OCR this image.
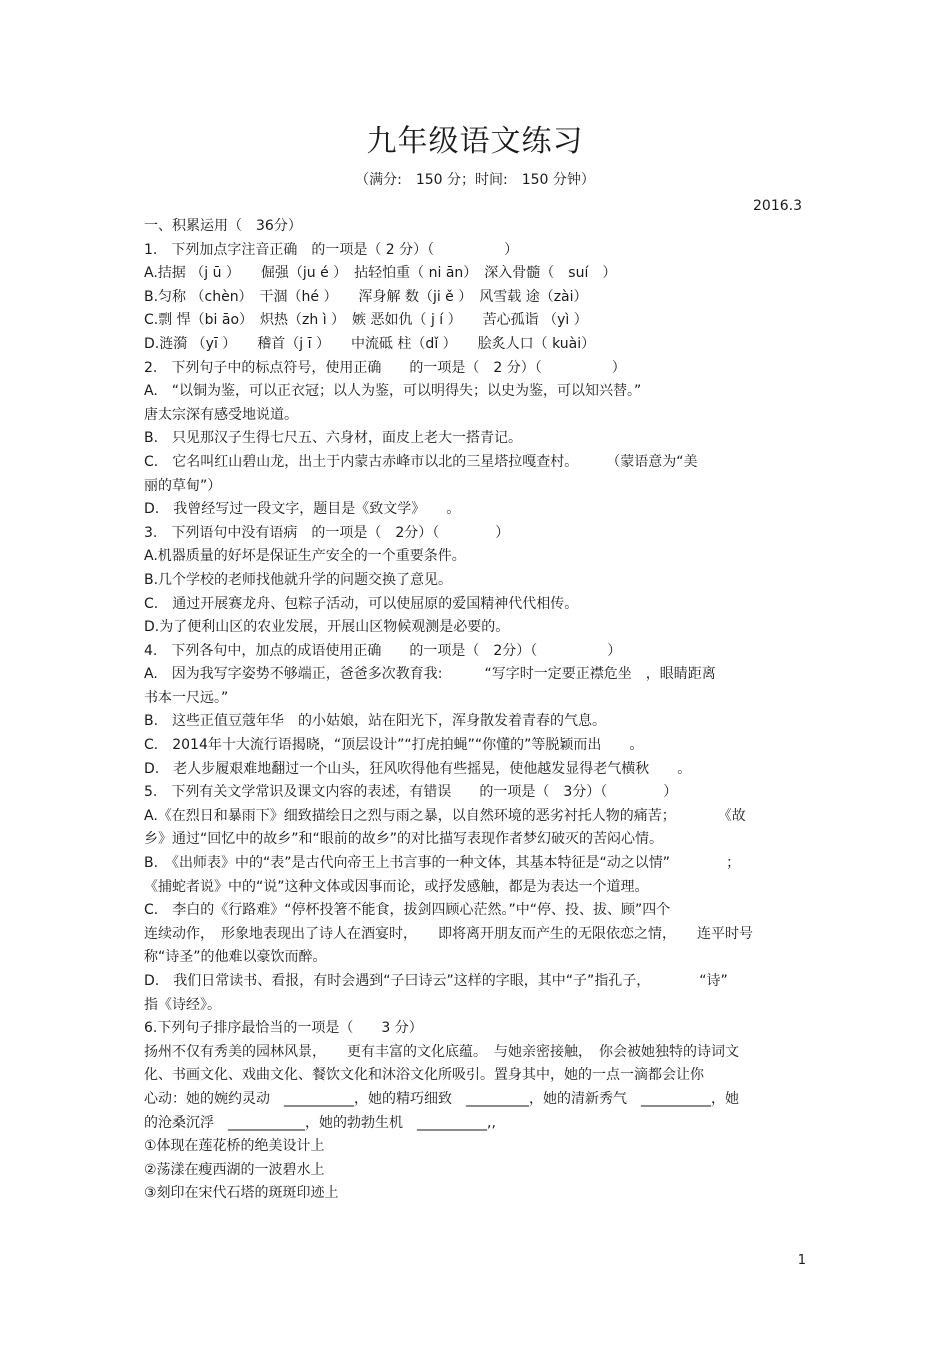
九年级语文练习
（满分:　150 分；时间:　150 分钟）
2016.3
一、积累运用（　36分）
1.　下列加点字注音正确　的一项是（ 2 分）（　　　　　）
A.拮据 （j ū ）　　倔强（ju é ）　拈轻怕重（ ni ān）　深入骨髓（　suí　）
B.匀称 （chèn）　干涸（hé ）　　浑身解 数（ji ě ）　风雪载 途（zài）
C.剽 悍（bi āo）　炽热（zh ì ）　嫉 恶如仇（ j í ）　　苦心孤诣 （yì ）
D.涟漪 （yī ）　　稽首（j ī ）　　中流砥 柱（dǐ ）　　脍炙人口（ kuài）
2.　下列句子中的标点符号，使用正确　　的一项是（　2 分）（　　　　　）
A.　“以铜为鉴，可以正衣冠；以人为鉴，可以明得失；以史为鉴，可以知兴替。”
唐太宗深有感受地说道。
B.　只见那汉子生得七尺五、六身材，面皮上老大一搭青记。
C.　它名叫红山碧山龙，出土于内蒙古赤峰市以北的三星塔拉嘎查村。　　　（蒙语意为“美
丽的草甸”）
D.　我曾经写过一段文字，题目是《致文学》　　。
3.　下列语句中没有语病　的一项是（　2分）（　　　　）
A.机器质量的好坏是保证生产安全的一个重要条件。
B.几个学校的老师找他就升学的问题交换了意见。
C.　通过开展赛龙舟、包粽子活动，可以使屈原的爱国精神代代相传。
D.为了便利山区的农业发展，开展山区物候观测是必要的。
4.　下列各句中，加点的成语使用正确　　的一项是（　2分）（　　　　　）
A.　因为我写字姿势不够端正，爸爸多次教育我:　　　“写字时一定要正襟危坐　，眼睛距离
书本一尺远。”
B.　这些正值豆蔻年华　的小姑娘，站在阳光下，浑身散发着青春的气息。
C.　2014年十大流行语揭晓，“顶层设计”“打虎拍蝇”“你懂的”等脱颖而出　　。
D.　老人步履艰难地翻过一个山头，狂风吹得他有些摇晃，使他越发显得老气横秋　　。
5.　下列有关文学常识及课文内容的表述，有错误　　的一项是（　3分）（　　　　）
A.《在烈日和暴雨下》细致描绘日之烈与雨之暴，以自然环境的恶劣衬托人物的痛苦；　　　　《故
乡》通过“回忆中的故乡”和“眼前的故乡”的对比描写表现作者梦幻破灭的苦闷心情。
B.　《出师表》中的“表”是古代向帝王上书言事的一种文体，其基本特征是“动之以情”　　　　；
《捕蛇者说》中的“说”这种文体或因事而论，或抒发感触，都是为表达一个道理。
C.　李白的《行路难》“停杯投箸不能食，拔剑四顾心茫然。”中“停、投、拔、顾”四个
连续动作，　形象地表现出了诗人在酒宴时，　　即将离开朋友而产生的无限依恋之情，　　连平时号
称“诗圣”的他难以豪饮而醉。
D.　我们日常读书、看报，有时会遇到“子曰诗云”这样的字眼，其中“子”指孔子，　　　　“诗”
指《诗经》。
6.下列句子排序最恰当的一项是（　　3 分）
扬州不仅有秀美的园林风景，　　更有丰富的文化底蕴。　与她亲密接触，　你会被她独特的诗词文
化、书画文化、戏曲文化、餐饮文化和沐浴文化所吸引。置身其中，她的一点一滴都会让你
心动：她的婉约灵动　__________，她的精巧细致　_________，她的清新秀气　__________，她
的沧桑沉浮　___________，她的勃勃生机　__________,,
①体现在莲花桥的绝美设计上
②荡漾在瘦西湖的一波碧水上
③刻印在宋代石塔的斑斑印迹上
1
